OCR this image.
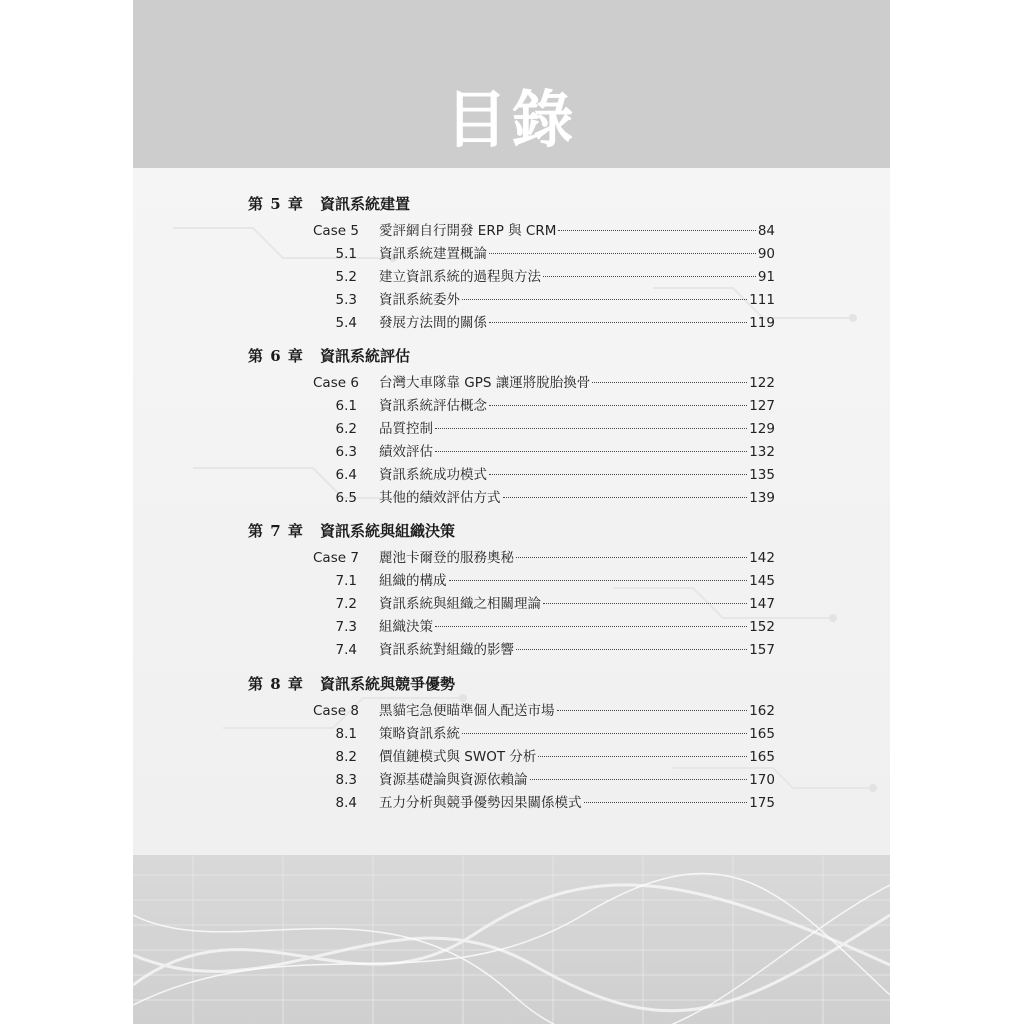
目錄
第 5 章 資訊系統建置
Case 5 愛評網自行開發 ERP 與 CRM	84
5.1 資訊系統建置概論	90
5.2 建立資訊系統的過程與方法	91
5.3 資訊系統委外	111
5.4 發展方法間的關係	119
第 6 章 資訊系統評估
Case 6 台灣大車隊靠 GPS 讓運將脫胎換骨	122
6.1 資訊系統評估概念	127
6.2 品質控制	129
6.3 績效評估	132
6.4 資訊系統成功模式	135
6.5 其他的績效評估方式	139
第 7 章 資訊系統與組織決策
Case 7 麗池卡爾登的服務奧秘	142
7.1 組織的構成	145
7.2 資訊系統與組織之相關理論	147
7.3 組織決策	152
7.4 資訊系統對組織的影響	157
第 8 章 資訊系統與競爭優勢
Case 8 黑貓宅急便瞄準個人配送市場	162
8.1 策略資訊系統	165
8.2 價值鏈模式與 SWOT 分析	165
8.3 資源基礎論與資源依賴論	170
8.4 五力分析與競爭優勢因果關係模式	175
